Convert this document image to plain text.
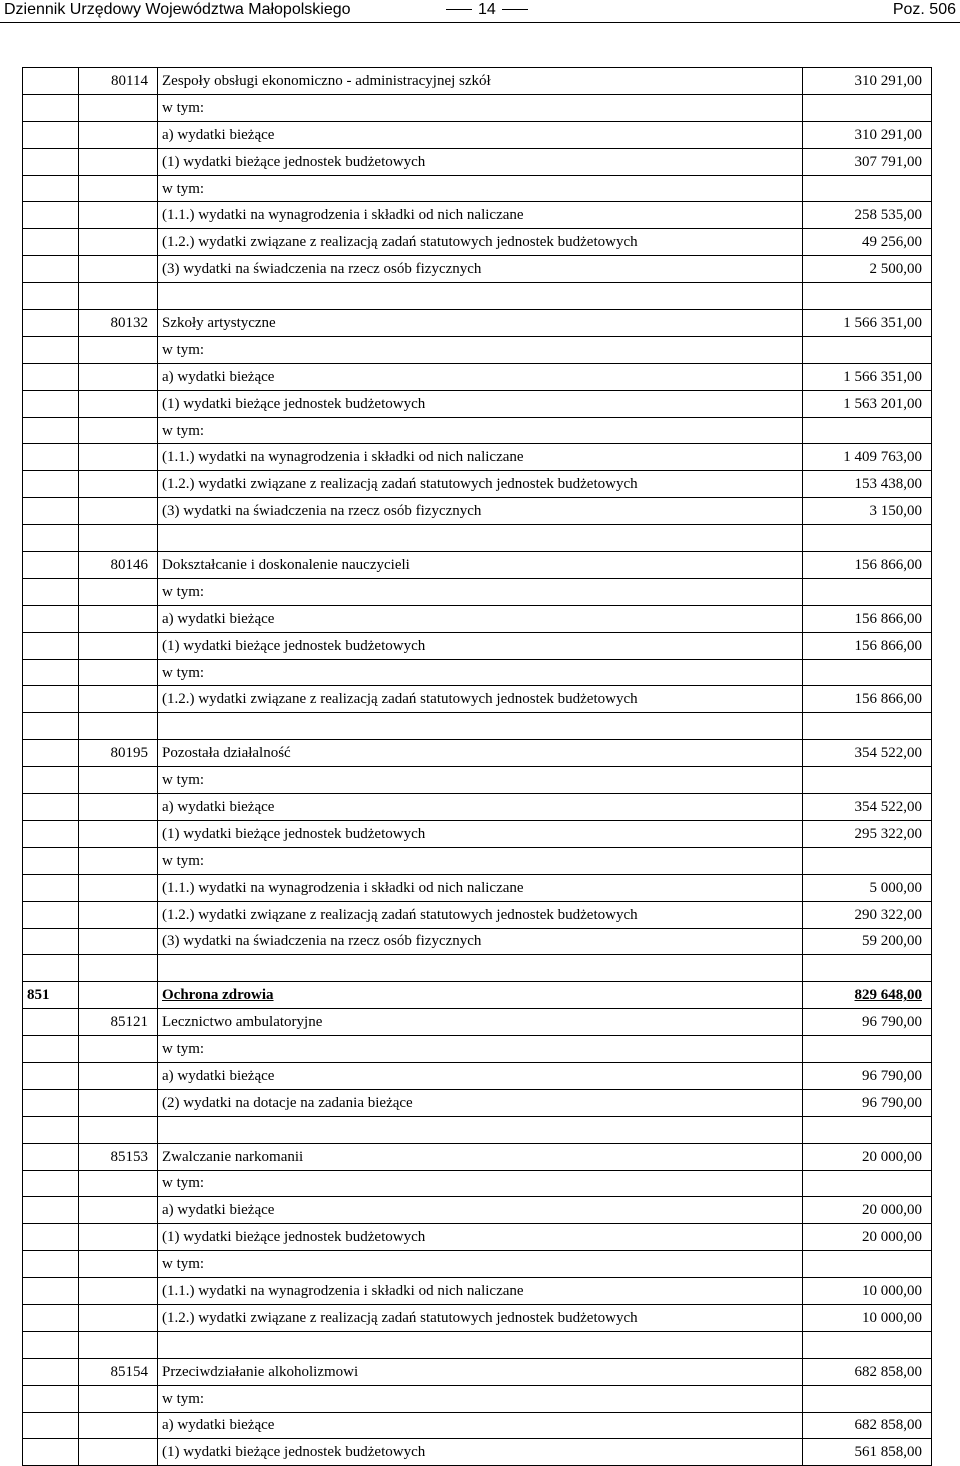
Dziennik Urzędowy Województwa Małopolskiego	14	Poz. 506
	80114	Zespoły obsługi ekonomiczno - administracyjnej szkół	310 291,00
		w tym:	
		a) wydatki bieżące	310 291,00
		(1) wydatki bieżące jednostek budżetowych	307 791,00
		w tym:	
		(1.1.) wydatki na wynagrodzenia i składki od nich naliczane	258 535,00
		(1.2.) wydatki związane z realizacją zadań statutowych jednostek budżetowych	49 256,00
		(3) wydatki na świadczenia na rzecz osób fizycznych	2 500,00

	80132	Szkoły artystyczne	1 566 351,00
		w tym:	
		a) wydatki bieżące	1 566 351,00
		(1) wydatki bieżące jednostek budżetowych	1 563 201,00
		w tym:	
		(1.1.) wydatki na wynagrodzenia i składki od nich naliczane	1 409 763,00
		(1.2.) wydatki związane z realizacją zadań statutowych jednostek budżetowych	153 438,00
		(3) wydatki na świadczenia na rzecz osób fizycznych	3 150,00

	80146	Dokształcanie i doskonalenie nauczycieli	156 866,00
		w tym:	
		a) wydatki bieżące	156 866,00
		(1) wydatki bieżące jednostek budżetowych	156 866,00
		w tym:	
		(1.2.) wydatki związane z realizacją zadań statutowych jednostek budżetowych	156 866,00

	80195	Pozostała działalność	354 522,00
		w tym:	
		a) wydatki bieżące	354 522,00
		(1) wydatki bieżące jednostek budżetowych	295 322,00
		w tym:	
		(1.1.) wydatki na wynagrodzenia i składki od nich naliczane	5 000,00
		(1.2.) wydatki związane z realizacją zadań statutowych jednostek budżetowych	290 322,00
		(3) wydatki na świadczenia na rzecz osób fizycznych	59 200,00

851		Ochrona zdrowia	829 648,00
	85121	Lecznictwo ambulatoryjne	96 790,00
		w tym:	
		a) wydatki bieżące	96 790,00
		(2) wydatki na dotacje na zadania bieżące	96 790,00

	85153	Zwalczanie narkomanii	20 000,00
		w tym:	
		a) wydatki bieżące	20 000,00
		(1) wydatki bieżące jednostek budżetowych	20 000,00
		w tym:	
		(1.1.) wydatki na wynagrodzenia i składki od nich naliczane	10 000,00
		(1.2.) wydatki związane z realizacją zadań statutowych jednostek budżetowych	10 000,00

	85154	Przeciwdziałanie alkoholizmowi	682 858,00
		w tym:	
		a) wydatki bieżące	682 858,00
		(1) wydatki bieżące jednostek budżetowych	561 858,00
